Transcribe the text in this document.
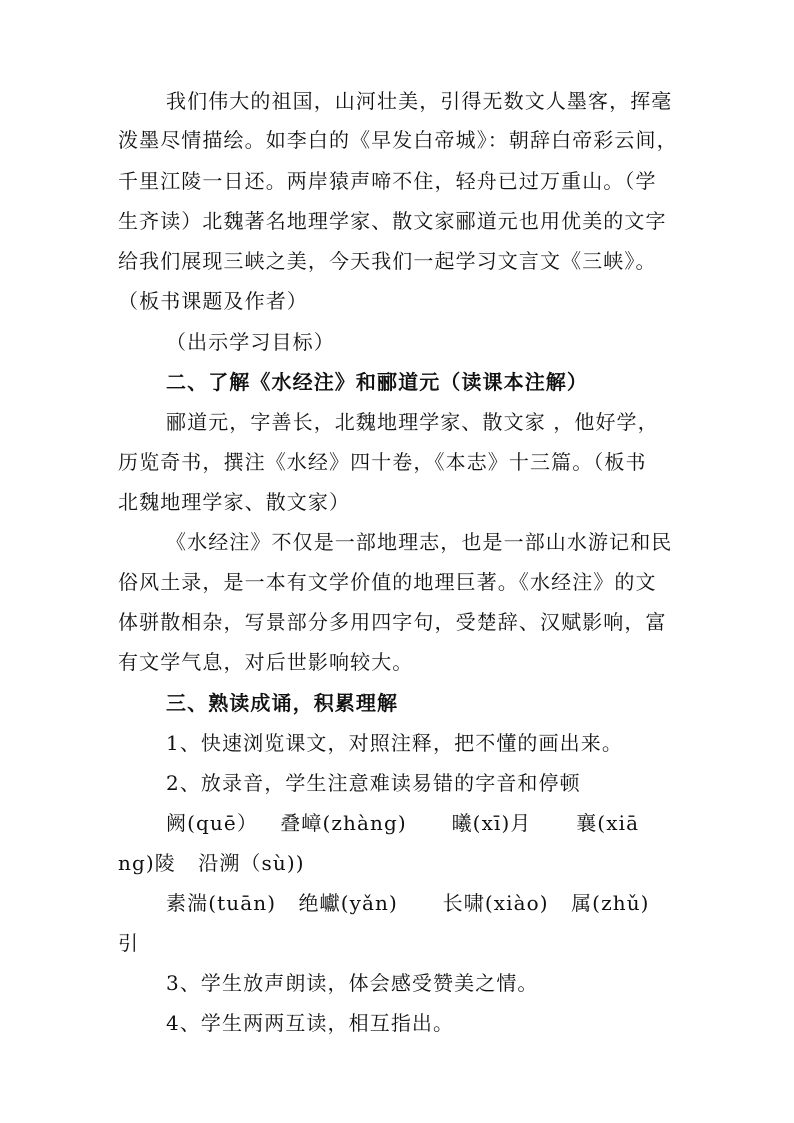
我们伟大的祖国，山河壮美，引得无数文人墨客，挥毫
泼墨尽情描绘。如李白的《早发白帝城》：朝辞白帝彩云间，
千里江陵一日还。两岸猿声啼不住，轻舟已过万重山。（学
生齐读）北魏著名地理学家、散文家郦道元也用优美的文字
给我们展现三峡之美，今天我们一起学习文言文《三峡》。
（板书课题及作者）
（出示学习目标）
二、了解《水经注》和郦道元（读课本注解）
郦道元，字善长，北魏地理学家、散文家 ，他好学，
历览奇书，撰注《水经》四十卷，《本志》十三篇。（板书
北魏地理学家、散文家）
《水经注》不仅是一部地理志，也是一部山水游记和民
俗风土录，是一本有文学价值的地理巨著。《水经注》的文
体骈散相杂，写景部分多用四字句，受楚辞、汉赋影响，富
有文学气息，对后世影响较大。
三、熟读成诵，积累理解
1、快速浏览课文，对照注释，把不懂的画出来。
2、放录音，学生注意难读易错的字音和停顿
阙(quē）   叠嶂(zhàng)      曦(xī)月      襄(xiā
ng)陵   沿溯（sù))
素湍(tuān)   绝巘(yǎn)      长啸(xiào)   属(zhǔ)
引
3、学生放声朗读，体会感受赞美之情。
4、学生两两互读，相互指出。
